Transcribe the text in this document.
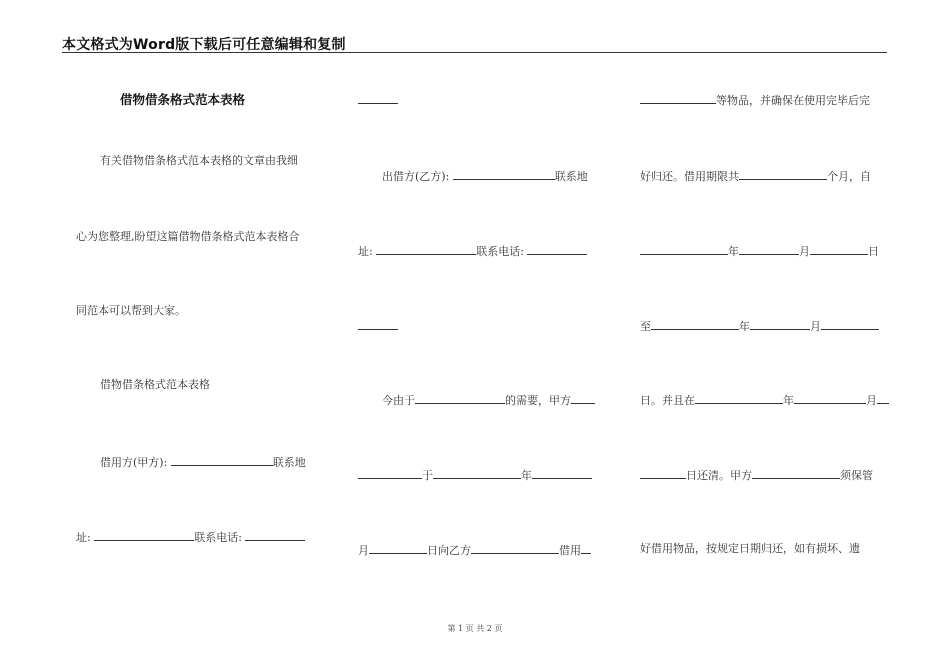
本文格式为Word版下载后可任意编辑和复制
借物借条格式范本表格
有关借物借条格式范本表格的文章由我细
心为您整理,盼望这篇借物借条格式范本表格合
同范本可以帮到大家。
借物借条格式范本表格
借用方(甲方):	联系地
址:	联系电话:
出借方(乙方):	联系地
址:	联系电话:
今由于	的需要，甲方
于	年
月	日向乙方	借用
等物品，并确保在使用完毕后完
好归还。借用期限共	个月，自
年	月	日
至	年	月
日。并且在	年	月
日还清。甲方	须保管
好借用物品，按规定日期归还，如有损坏、遗
第 1 页 共 2 页
